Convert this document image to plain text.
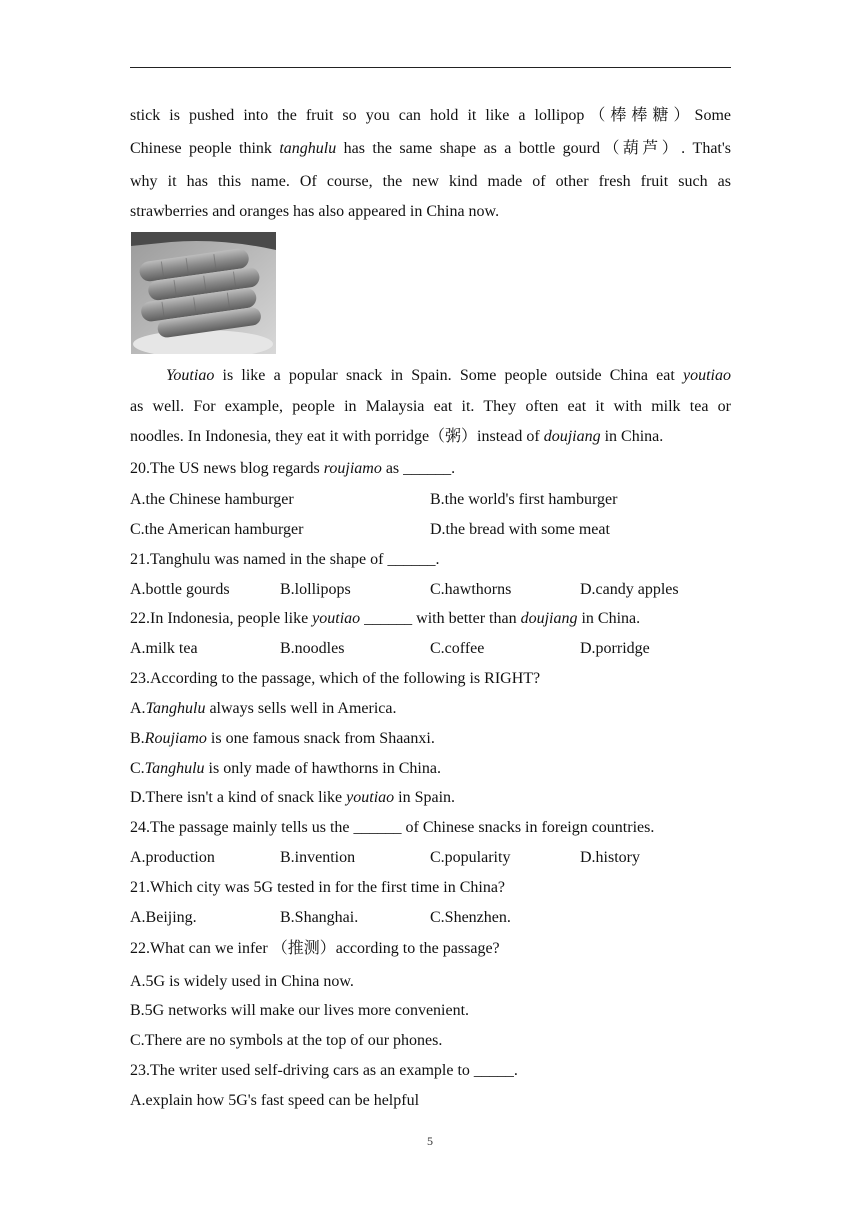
stick is pushed into the fruit so you can hold it like a lollipop（棒棒糖）Some
Chinese people think tanghulu has the same shape as a bottle gourd（葫芦）. That's
why it has this name. Of course, the new kind made of other fresh fruit such as
strawberries and oranges has also appeared in China now.
Youtiao is like a popular snack in Spain. Some people outside China eat youtiao
as well. For example, people in Malaysia eat it. They often eat it with milk tea or
noodles. In Indonesia, they eat it with porridge（粥）instead of doujiang in China.
20.The US news blog regards roujiamo as ______.
A.the Chinese hamburger	B.the world's first hamburger
C.the American hamburger	D.the bread with some meat
21.Tanghulu was named in the shape of ______.
A.bottle gourds	B.lollipops	C.hawthorns	D.candy apples
22.In Indonesia, people like youtiao ______ with better than doujiang in China.
A.milk tea	B.noodles	C.coffee	D.porridge
23.According to the passage, which of the following is RIGHT?
A.Tanghulu always sells well in America.
B.Roujiamo is one famous snack from Shaanxi.
C.Tanghulu is only made of hawthorns in China.
D.There isn't a kind of snack like youtiao in Spain.
24.The passage mainly tells us the ______ of Chinese snacks in foreign countries.
A.production	B.invention	C.popularity	D.history
21.Which city was 5G tested in for the first time in China?
A.Beijing.	B.Shanghai.	C.Shenzhen.
22.What can we infer （推测）according to the passage?
A.5G is widely used in China now.
B.5G networks will make our lives more convenient.
C.There are no symbols at the top of our phones.
23.The writer used self-driving cars as an example to _____.
A.explain how 5G's fast speed can be helpful
5
